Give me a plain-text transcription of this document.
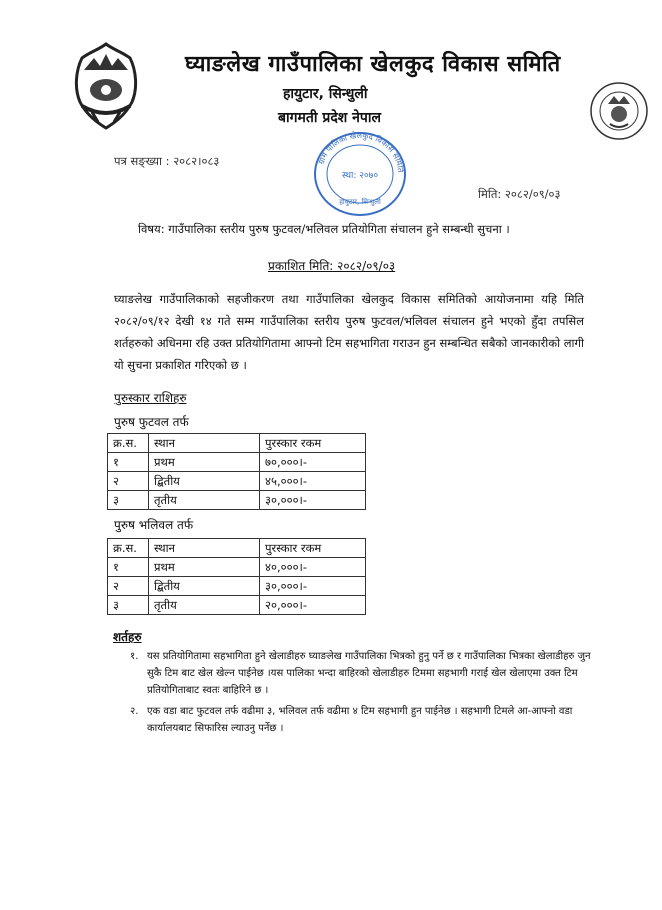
घ्याङलेख गाउँपालिका खेलकुद विकास समिति
हायुटार, सिन्धुली
बागमती प्रदेश नेपाल
ग्राम पालिका खेलकुद विकास समिति
स्था: २०७०
हायुटार, सिन्धुली
पत्र सङ्ख्या : २०८२।०८३
मिति: २०८२/०९/०३
विषय: गाउँपालिका स्तरीय पुरुष फुटवल/भलिवल प्रतियोगिता संचालन हुने सम्बन्धी सुचना ।
प्रकाशित मिति: २०८२/०९/०३
घ्याङलेख गाउँपालिकाको सहजीकरण तथा गाउँपालिका खेलकुद विकास समितिको आयोजनामा यहि मिति २०८२/०९/१२ देखी १४ गते सम्म गाउँपालिका स्तरीय पुरुष फुटवल/भलिवल संचालन हुने भएको हुँदा तपसिल शर्तहरुको अधिनमा रहि उक्त प्रतियोगितामा आफ्नो टिम सहभागिता गराउन हुन सम्बन्धित सबैको जानकारीको लागी यो सुचना प्रकाशित गरिएको छ ।
पुरुस्कार राशिहरु
पुरुष फुटवल तर्फ
क्र.स.	स्थान	पुरस्कार रकम
१	प्रथम	७०,०००।-
२	द्बितीय	४५,०००।-
३	तृतीय	३०,०००।-
पुरुष भलिवल तर्फ
क्र.स.	स्थान	पुरस्कार रकम
१	प्रथम	४०,०००।-
२	द्बितीय	३०,०००।-
३	तृतीय	२०,०००।-
शर्तहरु
१. यस प्रतियोगितामा सहभागिता हुने खेलाडीहरु घ्याङलेख गाउँपालिका भित्रको हुनु पर्ने छ र गाउँपालिका भित्रका खेलाडीहरु जुन सुकै टिम बाट खेल खेल्न पाईनेछ ।यस पालिका भन्दा बाहिरको खेलाडीहरु टिममा सहभागी गराई खेल खेलाएमा उक्त टिम प्रतियोगिताबाट स्वतः बाहिरिने छ ।
२. एक वडा बाट फुटवल तर्फ वढीमा ३, भलिवल तर्फ वढीमा ४ टिम सहभागी हुन पाईनेछ । सहभागी टिमले आ-आफ्नो वडा कार्यालयबाट सिफारिस ल्याउनु पर्नेछ ।
